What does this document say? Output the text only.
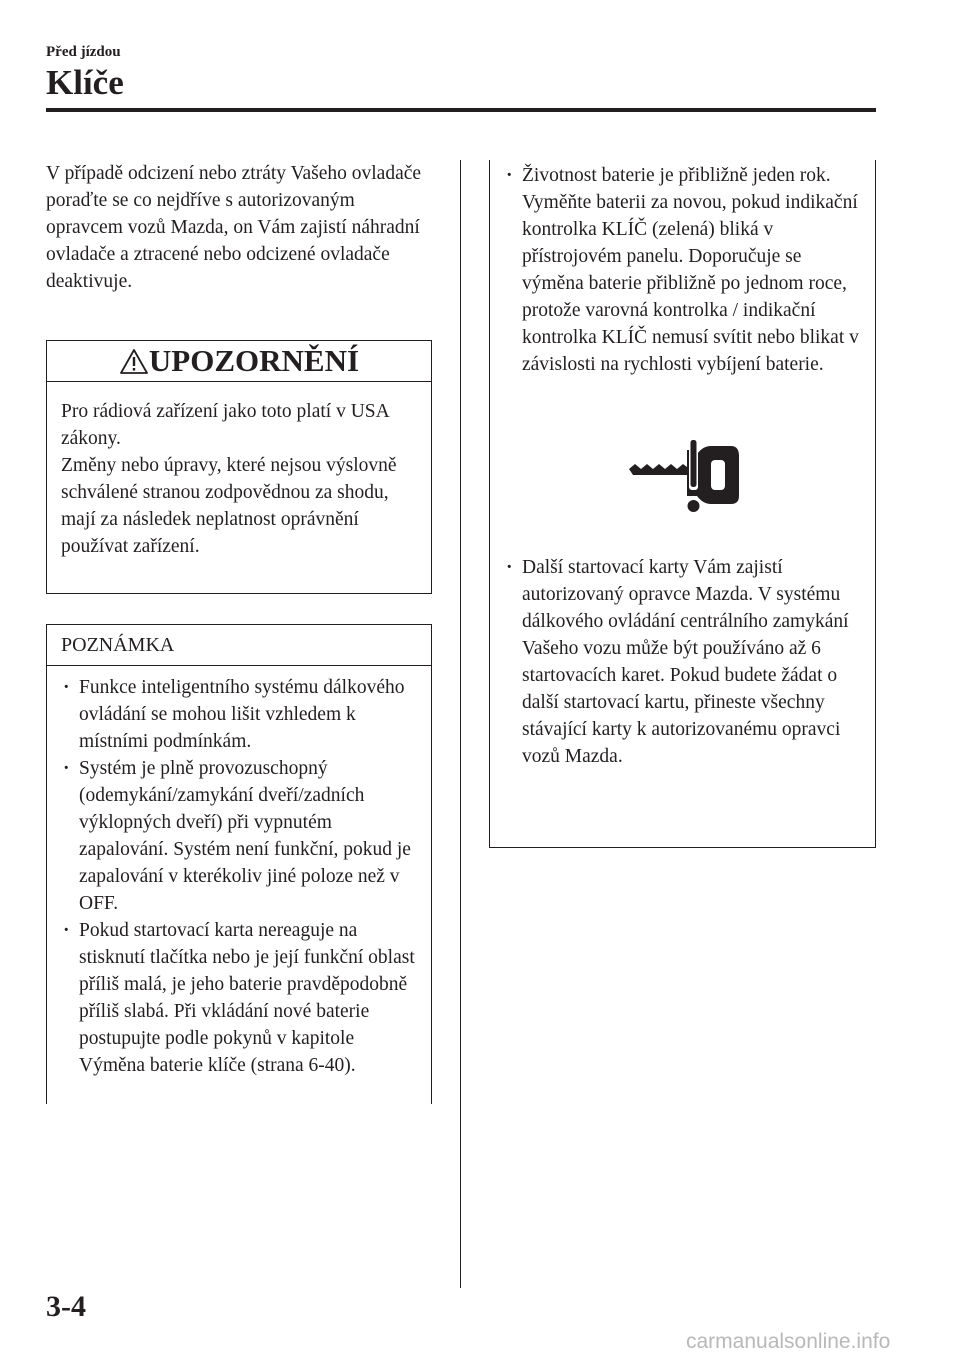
Před jízdou
Klíče

V případě odcizení nebo ztráty Vašeho ovladače poraďte se co nejdříve s autorizovaným opravcem vozů Mazda, on Vám zajistí náhradní ovladače a ztracené nebo odcizené ovladače deaktivuje.

UPOZORNĚNÍ
Pro rádiová zařízení jako toto platí v USA zákony.
Změny nebo úpravy, které nejsou výslovně schválené stranou zodpovědnou za shodu, mají za následek neplatnost oprávnění používat zařízení.
POZNÁMKA
· Funkce inteligentního systému dálkového ovládání se mohou lišit vzhledem k místními podmínkám.
· Systém je plně provozuschopný (odemykání/zamykání dveří/zadních výklopných dveří) při vypnutém zapalování. Systém není funkční, pokud je zapalování v kterékoliv jiné poloze než v OFF.
· Pokud startovací karta nereaguje na stisknutí tlačítka nebo je její funkční oblast příliš malá, je jeho baterie pravděpodobně příliš slabá. Při vkládání nové baterie postupujte podle pokynů v kapitole Výměna baterie klíče (strana 6-40).
· Životnost baterie je přibližně jeden rok. Vyměňte baterii za novou, pokud indikační kontrolka KLÍČ (zelená) bliká v přístrojovém panelu. Doporučuje se výměna baterie přibližně po jednom roce, protože varovná kontrolka / indikační kontrolka KLÍČ nemusí svítit nebo blikat v závislosti na rychlosti vybíjení baterie.
· Další startovací karty Vám zajistí autorizovaný opravce Mazda. V systému dálkového ovládání centrálního zamykání Vašeho vozu může být používáno až 6 startovacích karet. Pokud budete žádat o další startovací kartu, přineste všechny stávající karty k autorizovanému opravci vozů Mazda.
3-4
carmanualsonline.info
